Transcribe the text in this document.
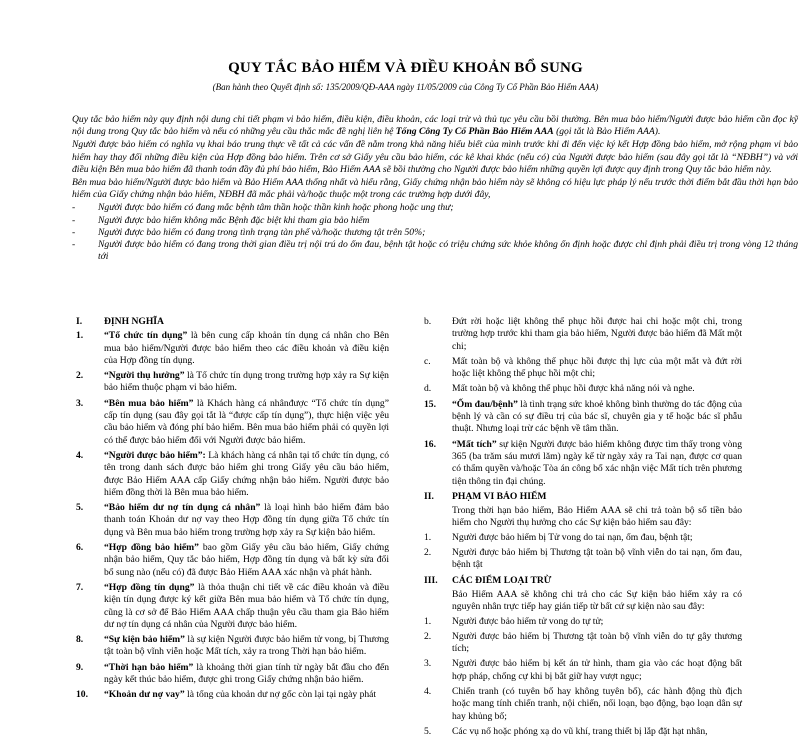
QUY TẮC BẢO HIỂM VÀ ĐIỀU KHOẢN BỔ SUNG
(Ban hành theo Quyết định số: 135/2009/QĐ-AAA ngày 11/05/2009 của Công Ty Cổ Phần Bảo Hiểm AAA)

Quy tắc bảo hiểm này quy định nội dung chi tiết phạm vi bảo hiểm, điều kiện, điều khoản, các loại trừ và thủ tục yêu cầu bồi thường. Bên mua bảo hiểm/Người được bảo hiểm cần đọc kỹ nội dung trong Quy tắc bảo hiểm và nếu có những yêu cầu thắc mắc đề nghị liên hệ Tổng Công Ty Cổ Phần Bảo Hiểm AAA (gọi tắt là Bảo Hiểm AAA).

Người được bảo hiểm có nghĩa vụ khai báo trung thực về tất cả các vấn đề nằm trong khả năng hiểu biết của mình trước khi đi đến việc ký kết Hợp đồng bảo hiểm, mở rộng phạm vi bảo hiểm hay thay đổi những điều kiện của Hợp đồng bảo hiểm. Trên cơ sở Giấy yêu cầu bảo hiểm, các kê khai khác (nếu có) của Người được bảo hiểm (sau đây gọi tắt là “NĐBH”) và với điều kiện Bên mua bảo hiểm đã thanh toán đầy đủ phí bảo hiểm, Bảo Hiểm AAA sẽ bồi thường cho Người được bảo hiểm những quyền lợi được quy định trong Quy tắc bảo hiểm này.

Bên mua bảo hiểm/Người được bảo hiểm và Bảo Hiểm AAA thống nhất và hiểu rằng, Giấy chứng nhận bảo hiểm này sẽ không có hiệu lực pháp lý nếu trước thời điểm bắt đầu thời hạn bảo hiểm của Giấy chứng nhận bảo hiểm, NĐBH đã mắc phải và/hoặc thuộc một trong các trường hợp dưới đây,

-	Người được bảo hiểm có đang mắc bệnh tâm thần hoặc thần kinh hoặc phong hoặc ung thư;
-	Người được bảo hiểm không mắc Bệnh đặc biệt khi tham gia bảo hiểm
-	Người được bảo hiểm có đang trong tình trạng tàn phế và/hoặc thương tật trên 50%;
-	Người được bảo hiểm có đang trong thời gian điều trị nội trú do ốm đau, bệnh tật hoặc có triệu chứng sức khỏe không ổn định hoặc được chỉ định phải điều trị trong vòng 12 tháng tới
I.	ĐỊNH NGHĨA
1.	“Tổ chức tín dụng” là bên cung cấp khoản tín dụng cá nhân cho Bên mua bảo hiểm/Người được bảo hiểm theo các điều khoản và điều kiện của Hợp đồng tín dụng.
2.	“Người thụ hưởng” là Tổ chức tín dụng trong trường hợp xảy ra Sự kiện bảo hiểm thuộc phạm vi bảo hiểm.
3.	“Bên mua bảo hiểm” là Khách hàng cá nhânđược “Tổ chức tín dụng” cấp tín dụng (sau đây gọi tắt là “được cấp tín dụng”), thực hiện việc yêu cầu bảo hiểm và đóng phí bảo hiểm. Bên mua bảo hiểm phải có quyền lợi có thể được bảo hiểm đối với Người được bảo hiểm.
4.	“Người được bảo hiểm”: Là khách hàng cá nhân tại tổ chức tín dụng, có tên trong danh sách được bảo hiểm ghi trong Giấy yêu cầu bảo hiểm, được Bảo Hiểm AAA cấp Giấy chứng nhận bảo hiểm. Người được bảo hiểm đồng thời là Bên mua bảo hiểm.
5.	“Bảo hiểm dư nợ tín dụng cá nhân” là loại hình bảo hiểm đảm bảo thanh toán Khoản dư nợ vay theo Hợp đồng tín dụng giữa Tổ chức tín dụng và Bên mua bảo hiểm trong trường hợp xảy ra Sự kiện bảo hiểm.
6.	“Hợp đồng bảo hiểm” bao gồm Giấy yêu cầu bảo hiểm, Giấy chứng nhận bảo hiểm, Quy tắc bảo hiểm, Hợp đồng tín dụng và bất kỳ sửa đổi bổ sung nào (nếu có) đã được Bảo Hiểm AAA xác nhận và phát hành.
7.	“Hợp đồng tín dụng” là thỏa thuận chi tiết về các điều khoản và điều kiện tín dụng được ký kết giữa Bên mua bảo hiểm và Tổ chức tín dụng, cũng là cơ sở để Bảo Hiểm AAA chấp thuận yêu cầu tham gia Bảo hiểm dư nợ tín dụng cá nhân của Người được bảo hiểm.
8.	“Sự kiện bảo hiểm” là sự kiện Người được bảo hiểm tử vong, bị Thương tật toàn bộ vĩnh viễn hoặc Mất tích, xảy ra trong Thời hạn bảo hiểm.
9.	“Thời hạn bảo hiểm” là khoảng thời gian tính từ ngày bắt đầu cho đến ngày kết thúc bảo hiểm, được ghi trong Giấy chứng nhận bảo hiểm.
10.	“Khoản dư nợ vay” là tổng của khoản dư nợ gốc còn lại tại ngày phát
b.	Đứt rời hoặc liệt không thể phục hồi được hai chi hoặc một chi, trong trường hợp trước khi tham gia bảo hiểm, Người được bảo hiểm đã Mất một chi;
c.	Mất toàn bộ và không thể phục hồi được thị lực của một mắt và đứt rời hoặc liệt không thể phục hồi một chi;
d.	Mất toàn bộ và không thể phục hồi được khả năng nói và nghe.
15.	“Ốm đau/bệnh” là tình trạng sức khoẻ không bình thường do tác động của bệnh lý và cần có sự điều trị của bác sĩ, chuyên gia y tế hoặc bác sĩ phẫu thuật. Nhưng loại trừ các bệnh về tâm thần.
16.	“Mất tích” sự kiện Người được bảo hiểm không được tìm thấy trong vòng 365 (ba trăm sáu mươi lăm) ngày kể từ ngày xảy ra Tai nạn, được cơ quan có thẩm quyền và/hoặc Tòa án công bố xác nhận việc Mất tích trên phương tiện thông tin đại chúng.
II.	PHẠM VI BẢO HIỂM
Trong thời hạn bảo hiểm, Bảo Hiểm AAA sẽ chi trả toàn bộ số tiền bảo hiểm cho Người thụ hưởng cho các Sự kiện bảo hiểm sau đây:
1.	Người được bảo hiểm bị Tử vong do tai nạn, ốm đau, bệnh tật;
2.	Người được bảo hiểm bị Thương tật toàn bộ vĩnh viễn do tai nạn, ốm đau, bệnh tật
III.	CÁC ĐIỂM LOẠI TRỪ
Bảo Hiểm AAA sẽ không chi trả cho các Sự kiện bảo hiểm xảy ra có nguyên nhân trực tiếp hay gián tiếp từ bất cứ sự kiện nào sau đây:
1.	Người được bảo hiểm tử vong do tự tử;
2.	Người được bảo hiểm bị Thương tật toàn bộ vĩnh viễn do tự gây thương tích;
3.	Người được bảo hiểm bị kết án tử hình, tham gia vào các hoạt động bất hợp pháp, chống cự khi bị bắt giữ hay vượt ngục;
4.	Chiến tranh (có tuyên bố hay không tuyên bố), các hành động thù địch hoặc mang tính chiến tranh, nội chiến, nổi loạn, bạo động, bạo loạn dân sự hay khủng bố;
5.	Các vụ nổ hoặc phóng xạ do vũ khí, trang thiết bị lắp đặt hạt nhân,
